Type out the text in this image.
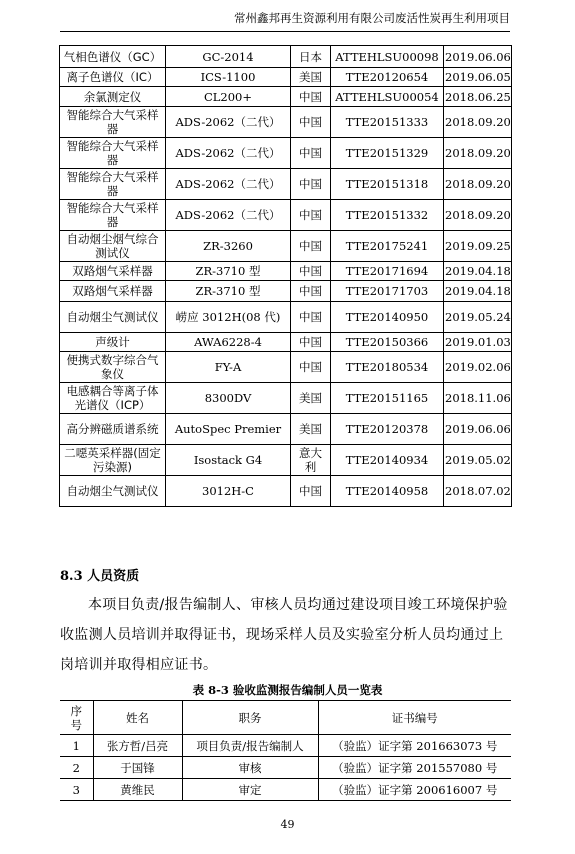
常州鑫邦再生资源利用有限公司废活性炭再生利用项目
气相色谱仪（GC）	GC-2014	日本	ATTEHLSU00098	2019.06.06
离子色谱仪（IC）	ICS-1100	美国	TTE20120654	2019.06.05
余氯测定仪	CL200+	中国	ATTEHLSU00054	2018.06.25
智能综合大气采样器	ADS-2062（二代）	中国	TTE20151333	2018.09.20
智能综合大气采样器	ADS-2062（二代）	中国	TTE20151329	2018.09.20
智能综合大气采样器	ADS-2062（二代）	中国	TTE20151318	2018.09.20
智能综合大气采样器	ADS-2062（二代）	中国	TTE20151332	2018.09.20
自动烟尘烟气综合测试仪	ZR-3260	中国	TTE20175241	2019.09.25
双路烟气采样器	ZR-3710 型	中国	TTE20171694	2019.04.18
双路烟气采样器	ZR-3710 型	中国	TTE20171703	2019.04.18
自动烟尘气测试仪	崂应 3012H(08 代)	中国	TTE20140950	2019.05.24
声级计	AWA6228-4	中国	TTE20150366	2019.01.03
便携式数字综合气象仪	FY-A	中国	TTE20180534	2019.02.06
电感耦合等离子体光谱仪（ICP）	8300DV	美国	TTE20151165	2018.11.06
高分辨磁质谱系统	AutoSpec Premier	美国	TTE20120378	2019.06.06
二噁英采样器(固定污染源)	Isostack G4	意大利	TTE20140934	2019.05.02
自动烟尘气测试仪	3012H-C	中国	TTE20140958	2018.07.02
8.3 人员资质
本项目负责/报告编制人、审核人员均通过建设项目竣工环境保护验收监测人员培训并取得证书，现场采样人员及实验室分析人员均通过上岗培训并取得相应证书。
表 8-3 验收监测报告编制人员一览表
序号	姓名	职务	证书编号
1	张方哲/吕亮	项目负责/报告编制人	（验监）证字第 201663073 号
2	于国锋	审核	（验监）证字第 201557080 号
3	黄维民	审定	（验监）证字第 200616007 号
49
